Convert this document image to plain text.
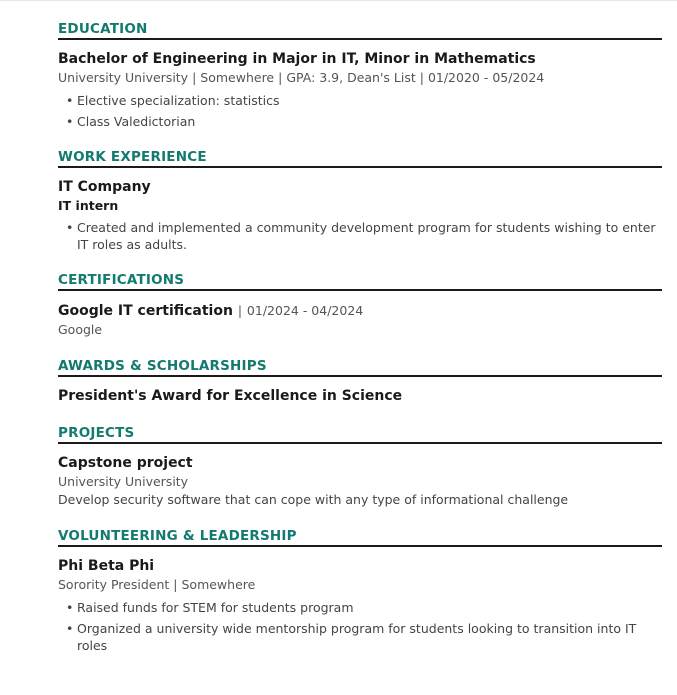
EDUCATION
Bachelor of Engineering in Major in IT, Minor in Mathematics
University University | Somewhere | GPA: 3.9, Dean's List | 01/2020 - 05/2024
• Elective specialization: statistics
• Class Valedictorian
WORK EXPERIENCE
IT Company
IT intern
• Created and implemented a community development program for students wishing to enter IT roles as adults.
CERTIFICATIONS
Google IT certification | 01/2024 - 04/2024
Google
AWARDS & SCHOLARSHIPS
President's Award for Excellence in Science
PROJECTS
Capstone project
University University
Develop security software that can cope with any type of informational challenge
VOLUNTEERING & LEADERSHIP
Phi Beta Phi
Sorority President | Somewhere
• Raised funds for STEM for students program
• Organized a university wide mentorship program for students looking to transition into IT roles
